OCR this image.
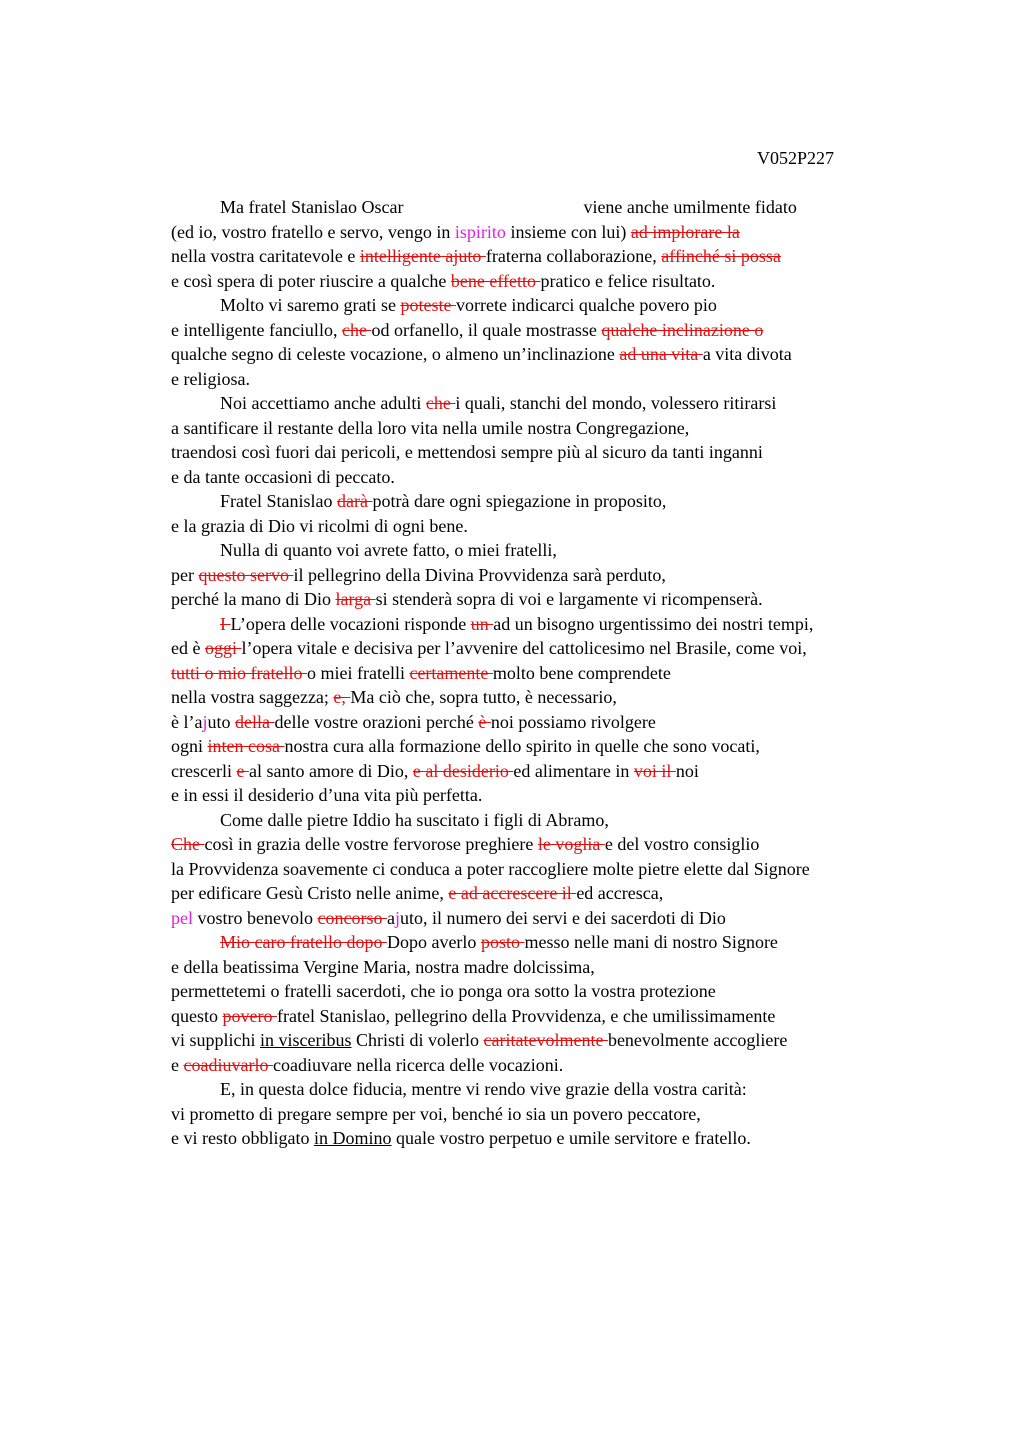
V052P227
Ma fratel Stanislao Oscar	viene anche umilmente fidato
(ed io, vostro fratello e servo, vengo in ispirito insieme con lui) ad implorare la
nella vostra caritatevole e intelligente ajuto fraterna collaborazione, affinché si possa
e così spera di poter riuscire a qualche bene effetto pratico e felice risultato.
Molto vi saremo grati se poteste vorrete indicarci qualche povero pio
e intelligente fanciullo, che od orfanello, il quale mostrasse qualche inclinazione o
qualche segno di celeste vocazione, o almeno un’inclinazione ad una vita a vita divota
e religiosa.
Noi accettiamo anche adulti che i quali, stanchi del mondo, volessero ritirarsi
a santificare il restante della loro vita nella umile nostra Congregazione,
traendosi così fuori dai pericoli, e mettendosi sempre più al sicuro da tanti inganni
e da tante occasioni di peccato.
Fratel Stanislao darà potrà dare ogni spiegazione in proposito,
e la grazia di Dio vi ricolmi di ogni bene.
Nulla di quanto voi avrete fatto, o miei fratelli,
per questo servo il pellegrino della Divina Provvidenza sarà perduto,
perché la mano di Dio larga si stenderà sopra di voi e largamente vi ricompenserà.
I L’opera delle vocazioni risponde un ad un bisogno urgentissimo dei nostri tempi,
ed è oggi l’opera vitale e decisiva per l’avvenire del cattolicesimo nel Brasile, come voi,
tutti o mio fratello o miei fratelli certamente molto bene comprendete
nella vostra saggezza; e, Ma ciò che, sopra tutto, è necessario,
è l’ajuto della delle vostre orazioni perché è noi possiamo rivolgere
ogni inten cosa nostra cura alla formazione dello spirito in quelle che sono vocati,
crescerli e al santo amore di Dio, e al desiderio ed alimentare in voi il noi
e in essi il desiderio d’una vita più perfetta.
Come dalle pietre Iddio ha suscitato i figli di Abramo,
Che così in grazia delle vostre fervorose preghiere le voglia e del vostro consiglio
la Provvidenza soavemente ci conduca a poter raccogliere molte pietre elette dal Signore
per edificare Gesù Cristo nelle anime, e ad accrescere il ed accresca,
pel vostro benevolo concorso ajuto, il numero dei servi e dei sacerdoti di Dio
Mio caro fratello dopo Dopo averlo posto messo nelle mani di nostro Signore
e della beatissima Vergine Maria, nostra madre dolcissima,
permettetemi o fratelli sacerdoti, che io ponga ora sotto la vostra protezione
questo povero fratel Stanislao, pellegrino della Provvidenza, e che umilissimamente
vi supplichi in visceribus Christi di volerlo caritatevolmente benevolmente accogliere
e coadiuvarlo coadiuvare nella ricerca delle vocazioni.
E, in questa dolce fiducia, mentre vi rendo vive grazie della vostra carità:
vi prometto di pregare sempre per voi, benché io sia un povero peccatore,
e vi resto obbligato in Domino quale vostro perpetuo e umile servitore e fratello.
